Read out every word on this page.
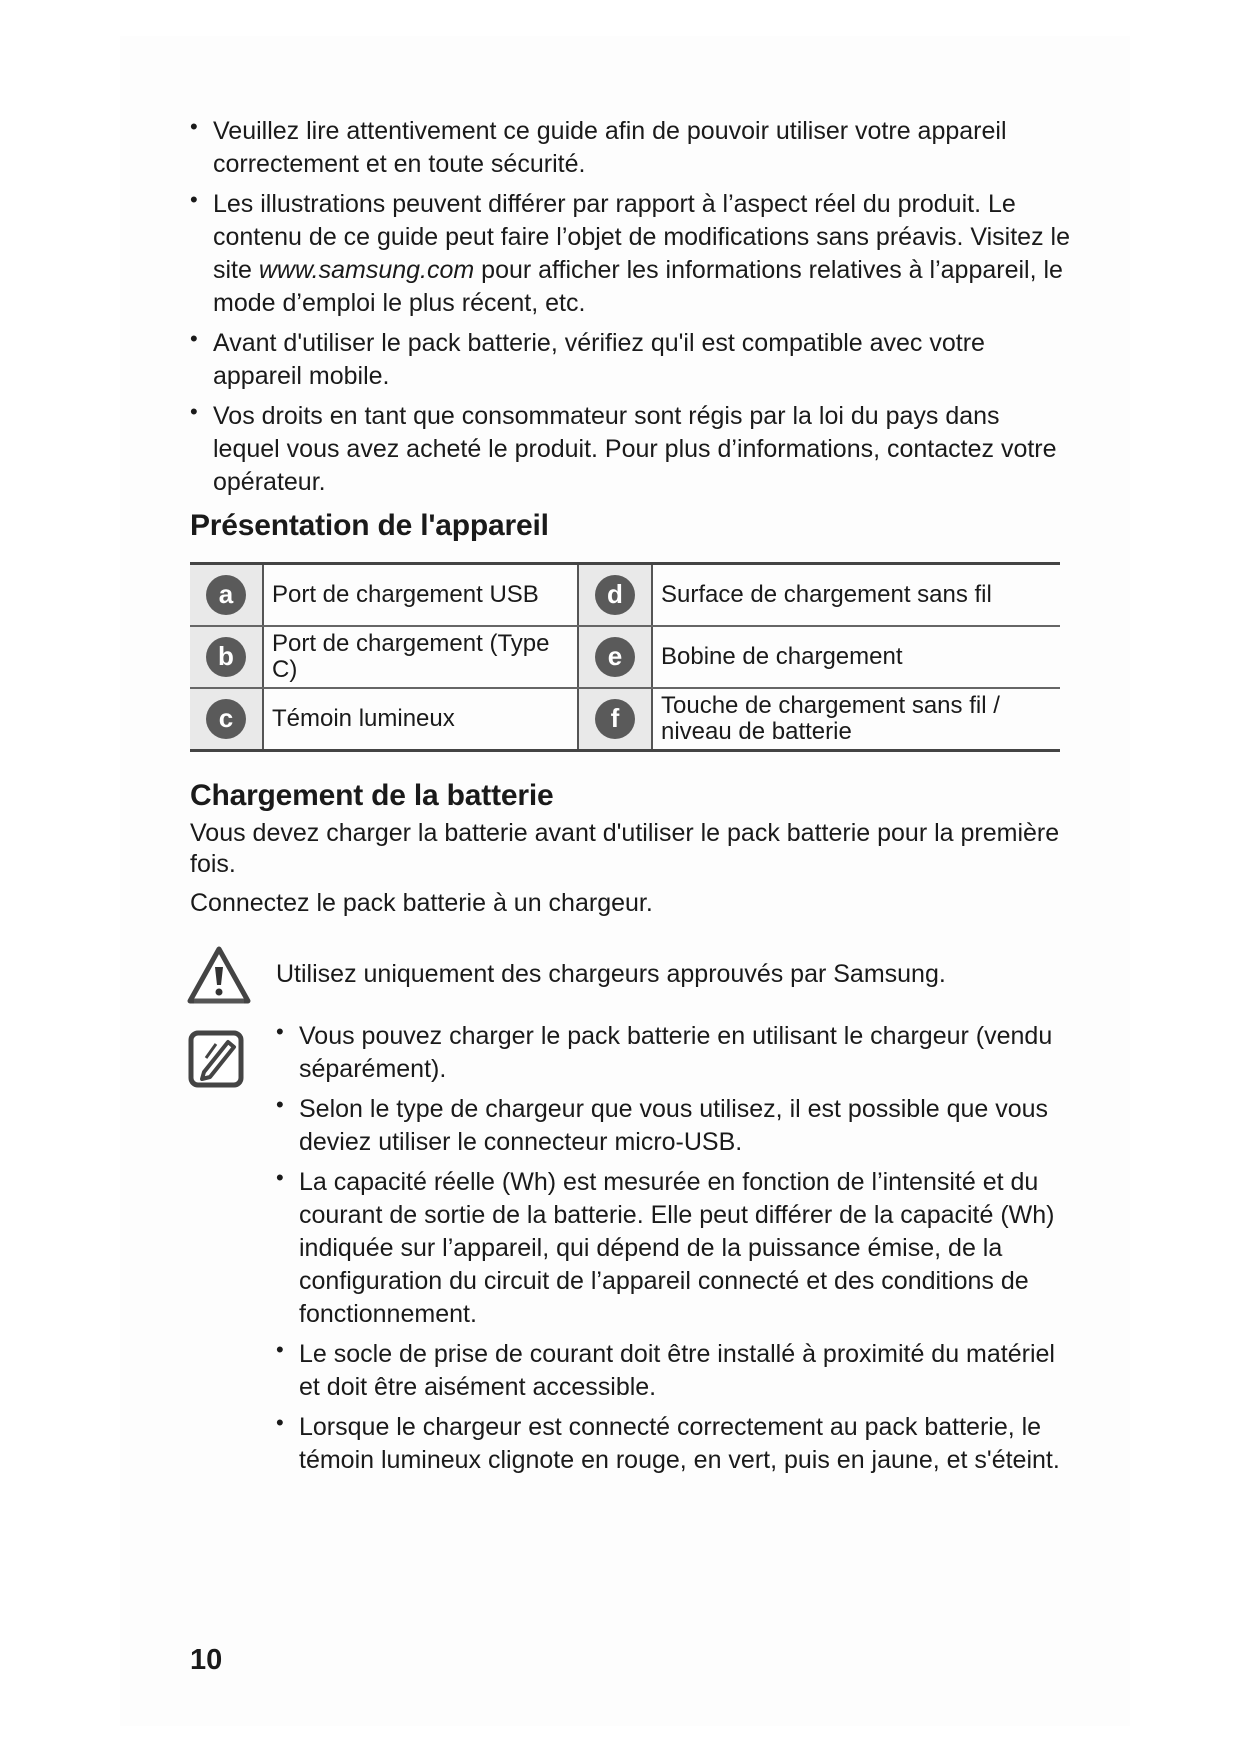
• Veuillez lire attentivement ce guide afin de pouvoir utiliser votre appareil correctement et en toute sécurité.
• Les illustrations peuvent différer par rapport à l’aspect réel du produit. Le contenu de ce guide peut faire l’objet de modifications sans préavis. Visitez le site www.samsung.com pour afficher les informations relatives à l’appareil, le mode d’emploi le plus récent, etc.
• Avant d'utiliser le pack batterie, vérifiez qu'il est compatible avec votre appareil mobile.
• Vos droits en tant que consommateur sont régis par la loi du pays dans lequel vous avez acheté le produit. Pour plus d’informations, contactez votre opérateur.
Présentation de l'appareil
a	Port de chargement USB	d	Surface de chargement sans fil
b	Port de chargement (Type C)	e	Bobine de chargement
c	Témoin lumineux	f	Touche de chargement sans fil / niveau de batterie
Chargement de la batterie

Vous devez charger la batterie avant d'utiliser le pack batterie pour la première fois.

Connectez le pack batterie à un chargeur.

Utilisez uniquement des chargeurs approuvés par Samsung.
• Vous pouvez charger le pack batterie en utilisant le chargeur (vendu séparément).
• Selon le type de chargeur que vous utilisez, il est possible que vous deviez utiliser le connecteur micro-USB.
• La capacité réelle (Wh) est mesurée en fonction de l’intensité et du courant de sortie de la batterie. Elle peut différer de la capacité (Wh) indiquée sur l’appareil, qui dépend de la puissance émise, de la configuration du circuit de l’appareil connecté et des conditions de fonctionnement.
• Le socle de prise de courant doit être installé à proximité du matériel et doit être aisément accessible.
• Lorsque le chargeur est connecté correctement au pack batterie, le témoin lumineux clignote en rouge, en vert, puis en jaune, et s'éteint.
10
